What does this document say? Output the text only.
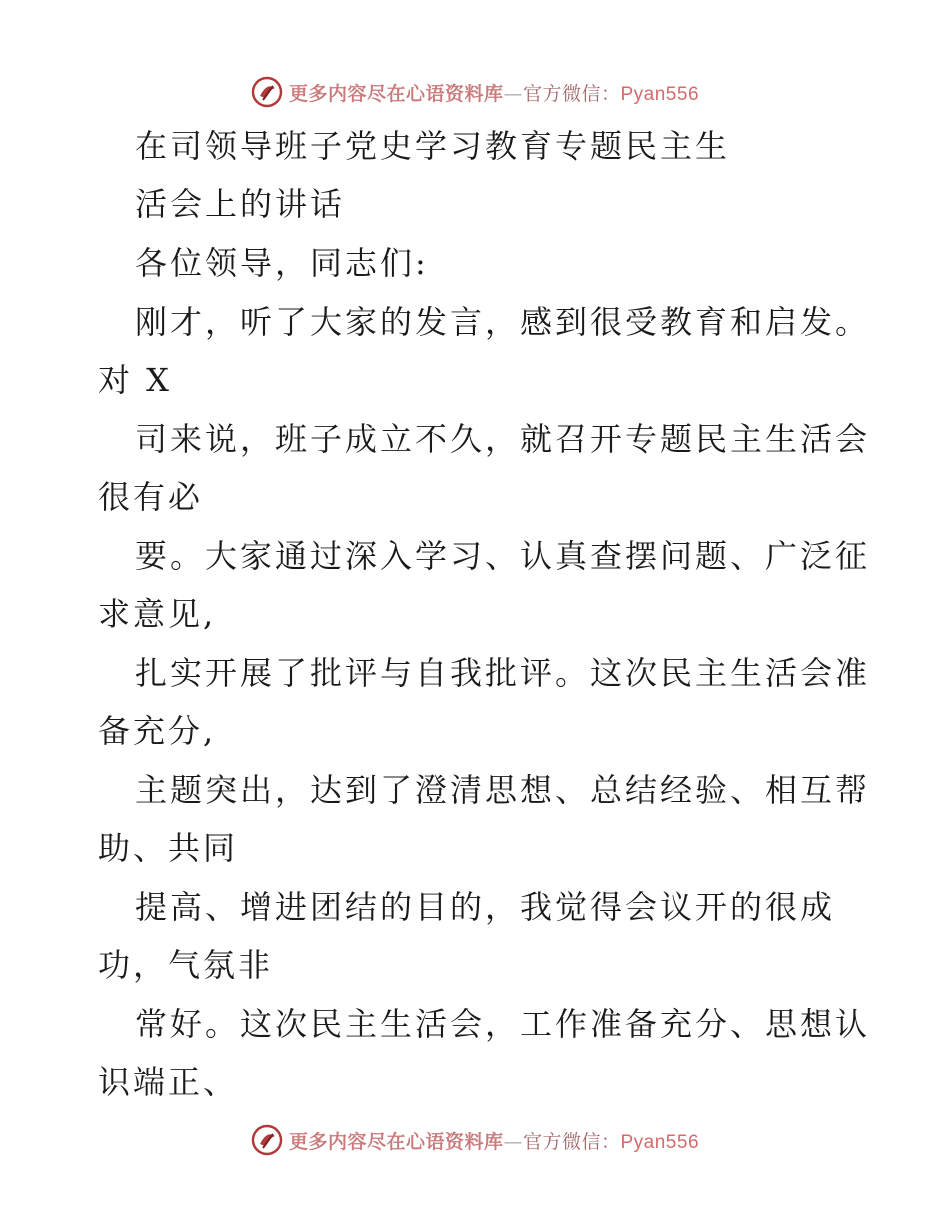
更多内容尽在心语资料库—官方微信：Pyan556
在司领导班子党史学习教育专题民主生
活会上的讲话
各位领导，同志们:
刚才，听了大家的发言，感到很受教育和启发。
对 X
司来说，班子成立不久，就召开专题民主生活会
很有必
要。大家通过深入学习、认真查摆问题、广泛征
求意见,
扎实开展了批评与自我批评。这次民主生活会准
备充分,
主题突出，达到了澄清思想、总结经验、相互帮
助、共同
提高、增进团结的目的，我觉得会议开的很成
功，气氛非
常好。这次民主生活会，工作准备充分、思想认
识端正、
更多内容尽在心语资料库—官方微信：Pyan556
